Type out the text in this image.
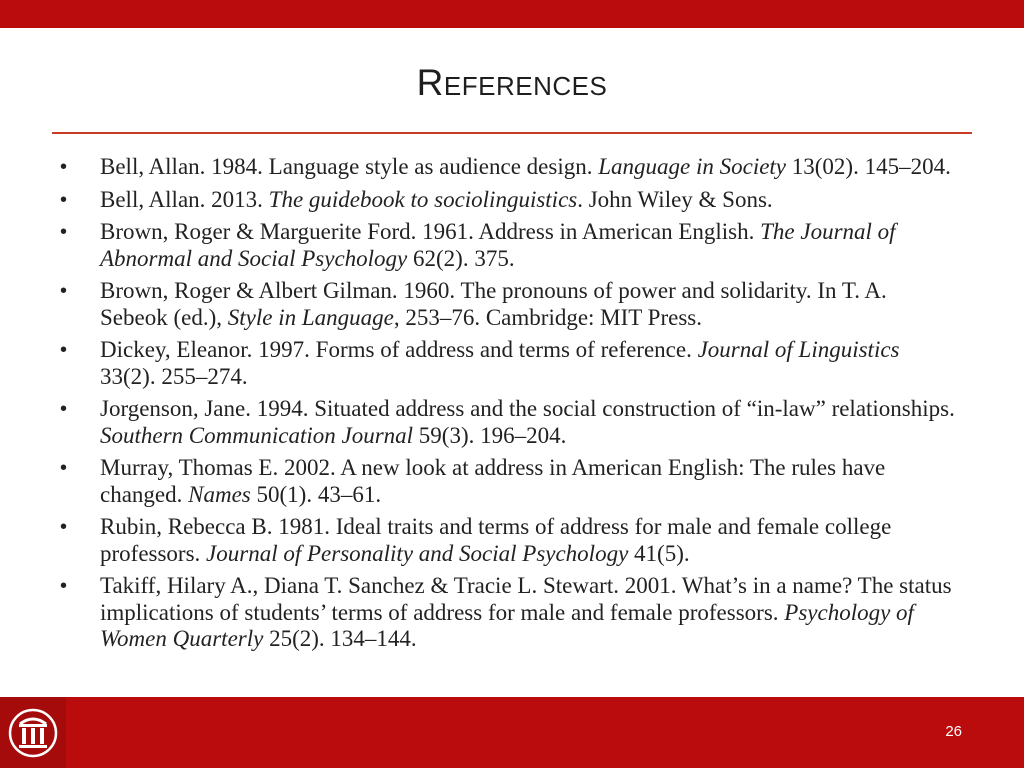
References
• Bell, Allan. 1984. Language style as audience design. Language in Society 13(02). 145–204.
• Bell, Allan. 2013. The guidebook to sociolinguistics. John Wiley & Sons.
• Brown, Roger & Marguerite Ford. 1961. Address in American English. The Journal of Abnormal and Social Psychology 62(2). 375.
• Brown, Roger & Albert Gilman. 1960. The pronouns of power and solidarity. In T. A. Sebeok (ed.), Style in Language, 253–76. Cambridge: MIT Press.
• Dickey, Eleanor. 1997. Forms of address and terms of reference. Journal of Linguistics 33(2). 255–274.
• Jorgenson, Jane. 1994. Situated address and the social construction of “in-law” relationships. Southern Communication Journal 59(3). 196–204.
• Murray, Thomas E. 2002. A new look at address in American English: The rules have changed. Names 50(1). 43–61.
• Rubin, Rebecca B. 1981. Ideal traits and terms of address for male and female college professors. Journal of Personality and Social Psychology 41(5).
• Takiff, Hilary A., Diana T. Sanchez & Tracie L. Stewart. 2001. What’s in a name? The status implications of students’ terms of address for male and female professors. Psychology of Women Quarterly 25(2). 134–144.
26
